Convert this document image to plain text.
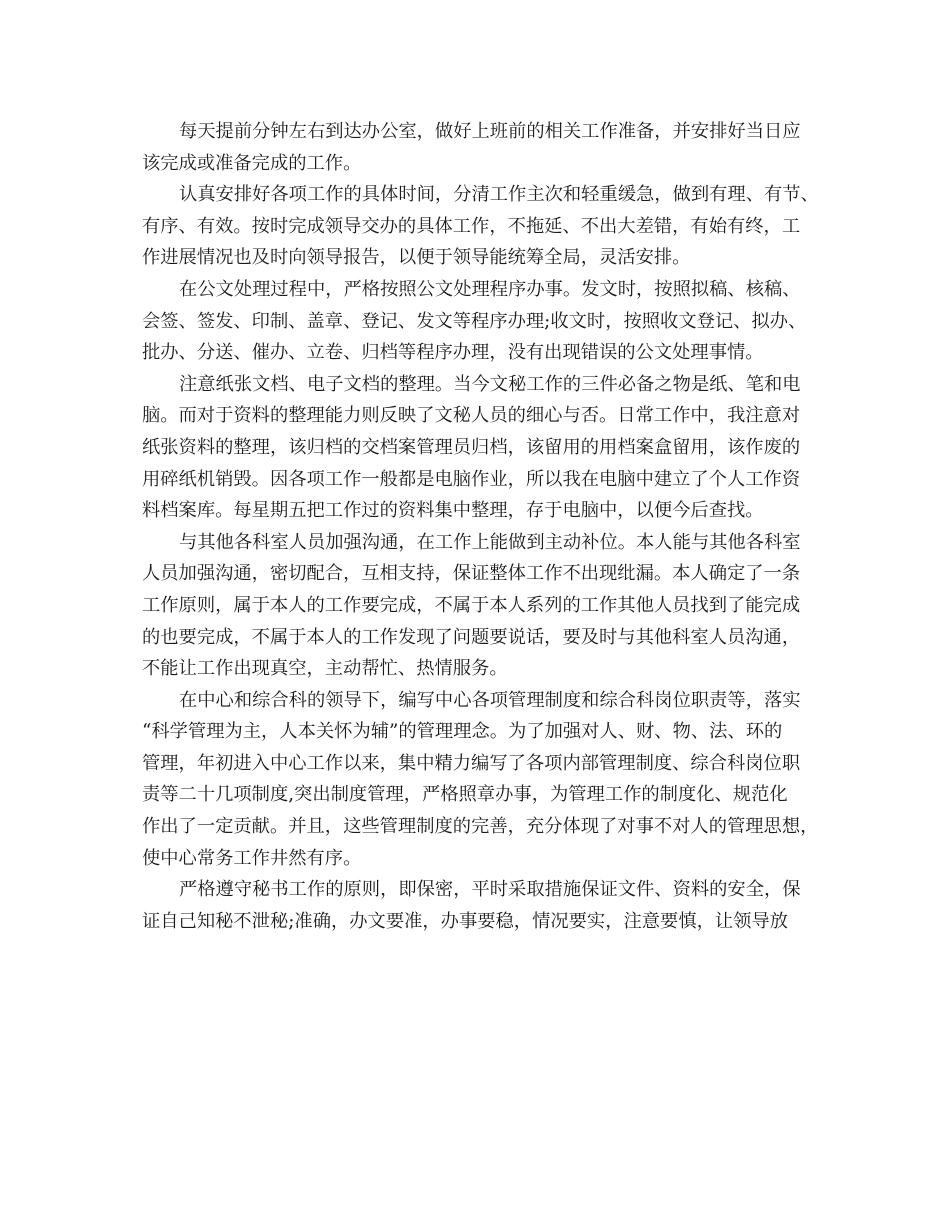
每天提前分钟左右到达办公室，做好上班前的相关工作准备，并安排好当日应
该完成或准备完成的工作。
认真安排好各项工作的具体时间，分清工作主次和轻重缓急，做到有理、有节、
有序、有效。按时完成领导交办的具体工作，不拖延、不出大差错，有始有终，工
作进展情况也及时向领导报告，以便于领导能统筹全局，灵活安排。
在公文处理过程中，严格按照公文处理程序办事。发文时，按照拟稿、核稿、
会签、签发、印制、盖章、登记、发文等程序办理;收文时，按照收文登记、拟办、
批办、分送、催办、立卷、归档等程序办理，没有出现错误的公文处理事情。
注意纸张文档、电子文档的整理。当今文秘工作的三件必备之物是纸、笔和电
脑。而对于资料的整理能力则反映了文秘人员的细心与否。日常工作中，我注意对
纸张资料的整理，该归档的交档案管理员归档，该留用的用档案盒留用，该作废的
用碎纸机销毁。因各项工作一般都是电脑作业，所以我在电脑中建立了个人工作资
料档案库。每星期五把工作过的资料集中整理，存于电脑中，以便今后查找。
与其他各科室人员加强沟通，在工作上能做到主动补位。本人能与其他各科室
人员加强沟通，密切配合，互相支持，保证整体工作不出现纰漏。本人确定了一条
工作原则，属于本人的工作要完成，不属于本人系列的工作其他人员找到了能完成
的也要完成，不属于本人的工作发现了问题要说话，要及时与其他科室人员沟通，
不能让工作出现真空，主动帮忙、热情服务。
在中心和综合科的领导下，编写中心各项管理制度和综合科岗位职责等，落实
“科学管理为主，人本关怀为辅”的管理理念。为了加强对人、财、物、法、环的
管理，年初进入中心工作以来，集中精力编写了各项内部管理制度、综合科岗位职
责等二十几项制度,突出制度管理，严格照章办事，为管理工作的制度化、规范化
作出了一定贡献。并且，这些管理制度的完善，充分体现了对事不对人的管理思想，
使中心常务工作井然有序。
严格遵守秘书工作的原则，即保密，平时采取措施保证文件、资料的安全，保
证自己知秘不泄秘;准确，办文要准，办事要稳，情况要实，注意要慎，让领导放
